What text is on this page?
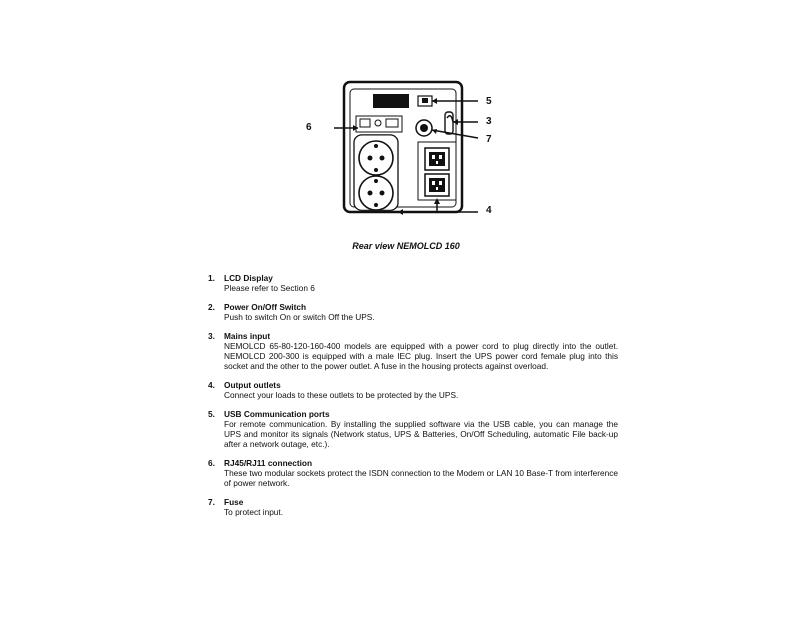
5
3
7
6
4
Rear view NEMOLCD 160
1. LCD Display
Please refer to Section 6
2. Power On/Off Switch
Push to switch On or switch Off the UPS.
3. Mains input
NEMOLCD 65-80-120-160-400 models are equipped with a power cord to plug directly into the outlet. NEMOLCD 200-300 is equipped with a male IEC plug. Insert the UPS power cord female plug into this socket and the other to the power outlet. A fuse in the housing protects against overload.
4. Output outlets
Connect your loads to these outlets to be protected by the UPS.
5. USB Communication ports
For remote communication. By installing the supplied software via the USB cable, you can manage the UPS and monitor its signals (Network status, UPS & Batteries, On/Off Scheduling, automatic File back-up after a network outage, etc.).
6. RJ45/RJ11 connection
These two modular sockets protect the ISDN connection to the Modem or LAN 10 Base-T from interference of power network.
7. Fuse
To protect input.
